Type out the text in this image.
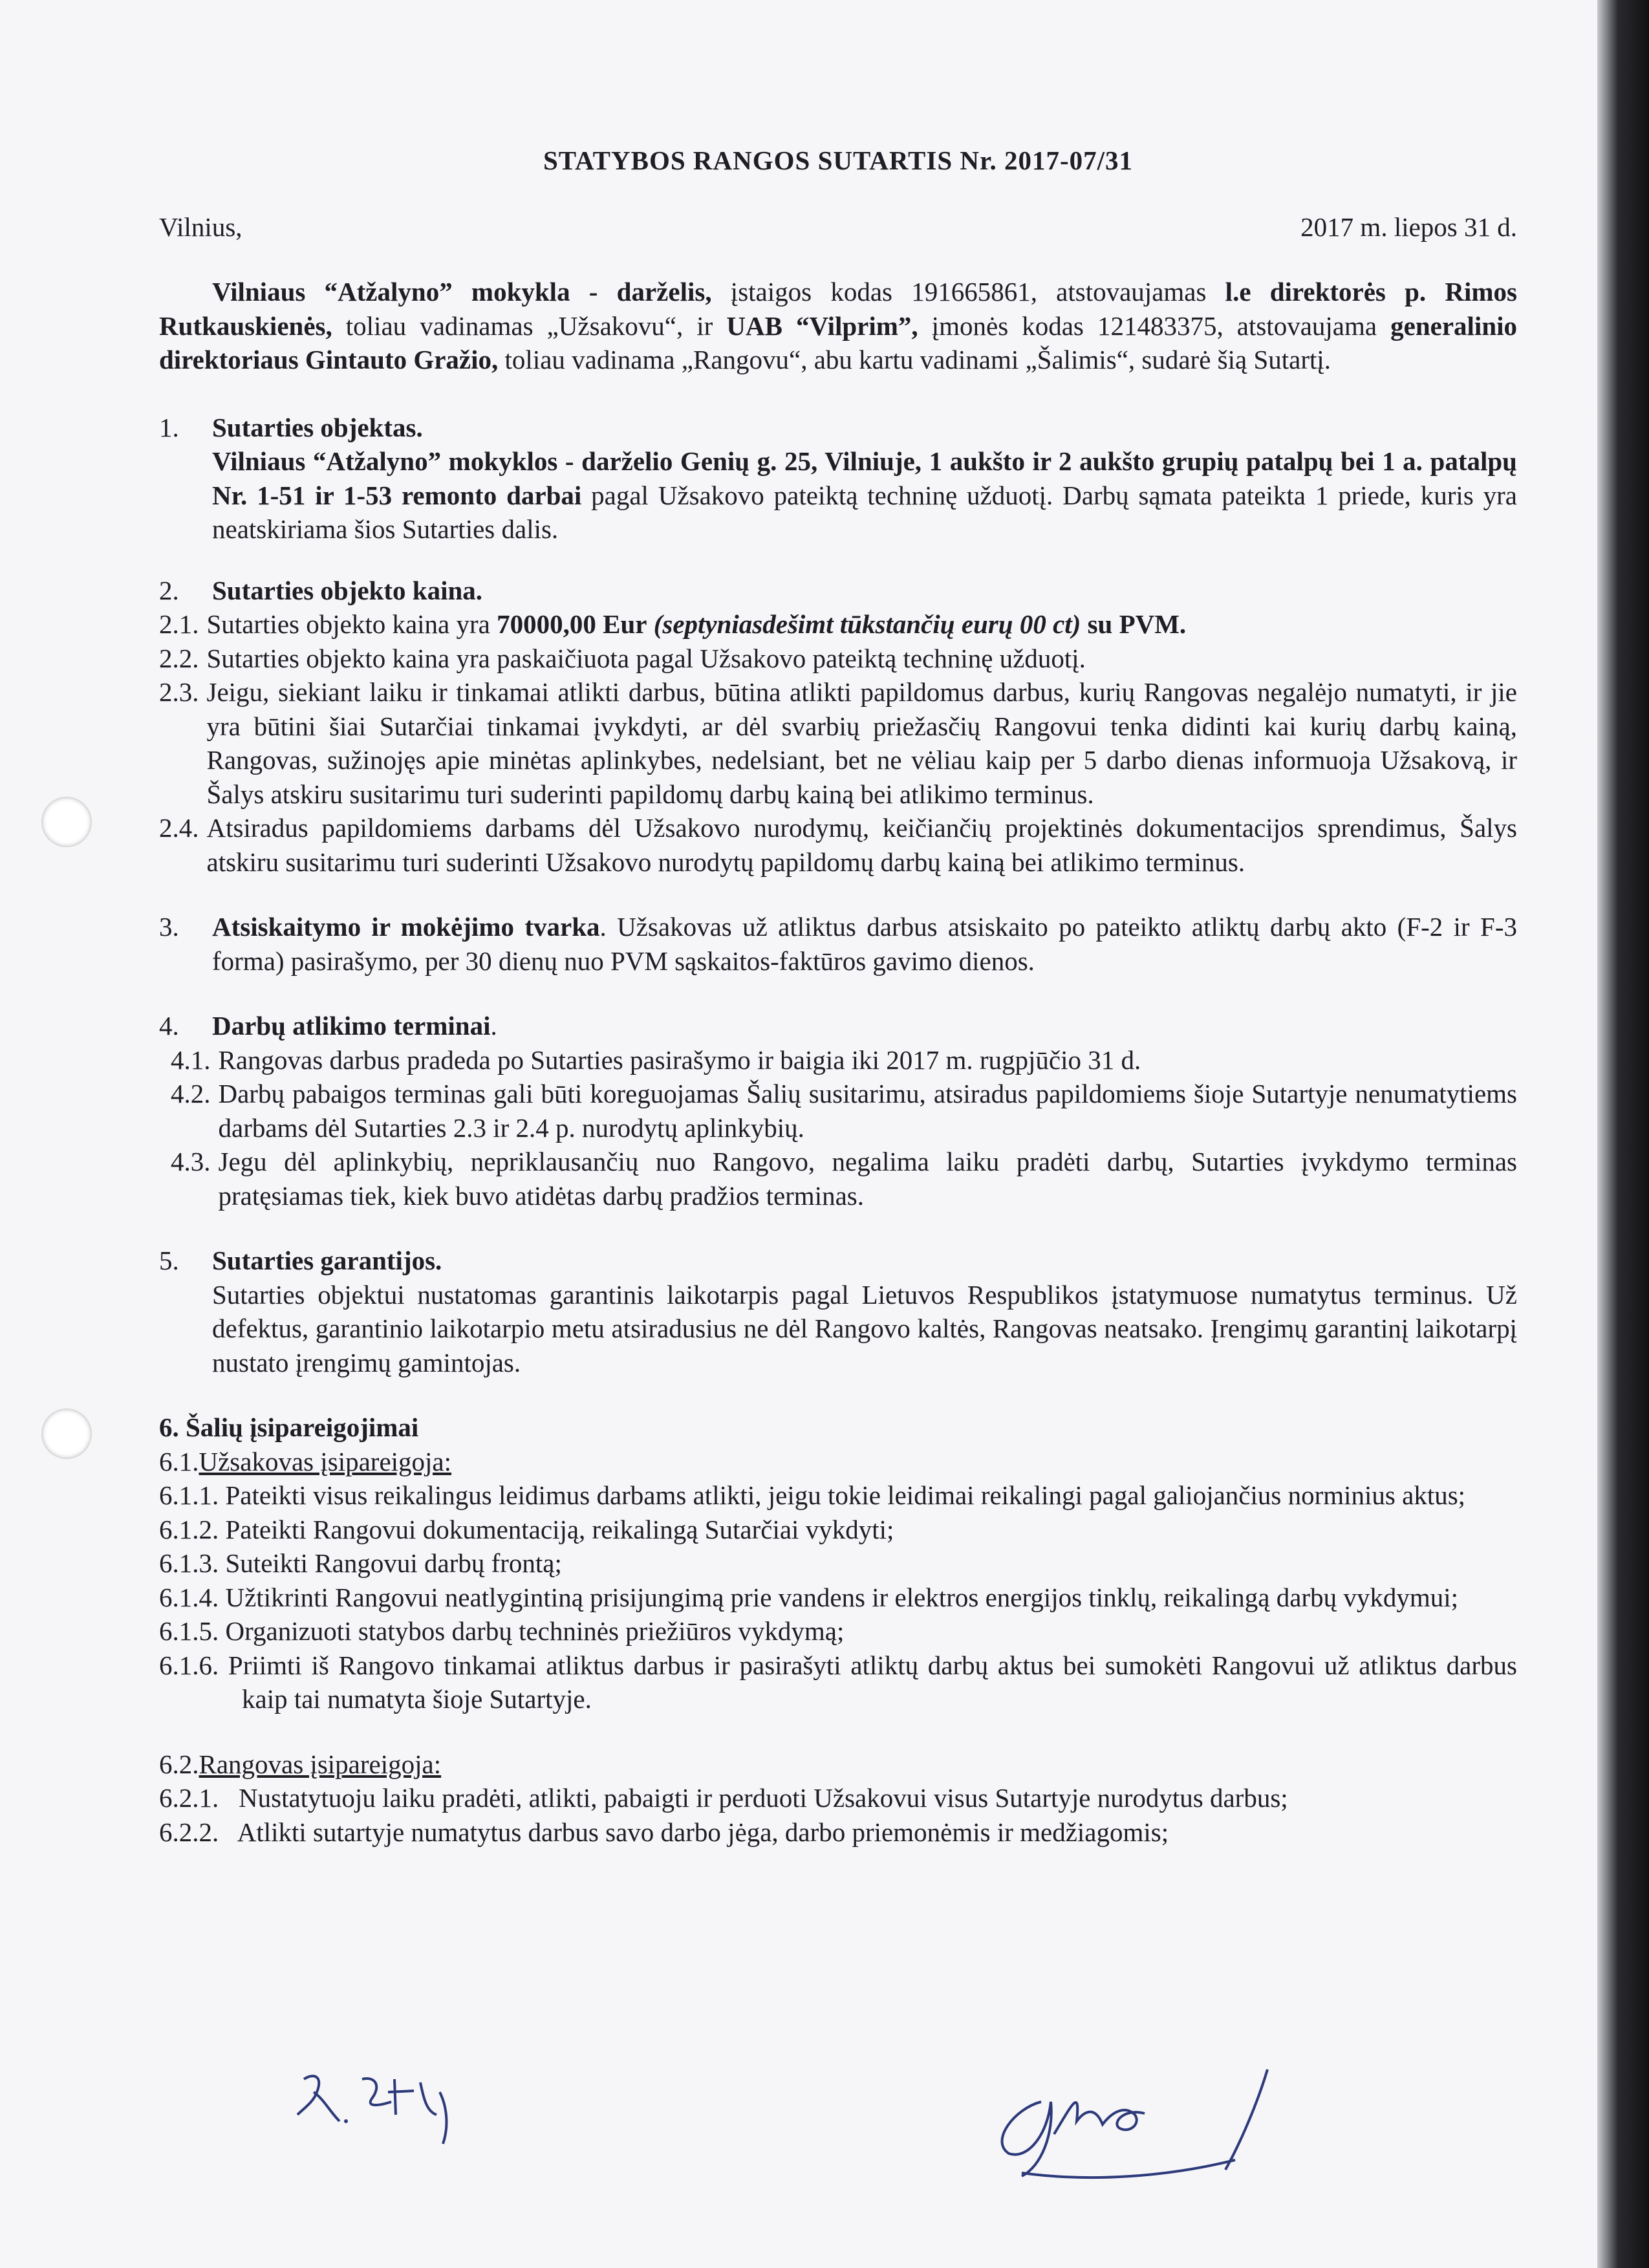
STATYBOS RANGOS SUTARTIS Nr. 2017-07/31

Vilnius,	2017 m. liepos 31 d.
Vilniaus “Atžalyno” mokykla - darželis, įstaigos kodas 191665861, atstovaujamas l.e direktorės p. Rimos Rutkauskienės, toliau vadinamas „Užsakovu“, ir UAB “Vilprim”, įmonės kodas 121483375, atstovaujama generalinio direktoriaus Gintauto Gražio, toliau vadinama „Rangovu“, abu kartu vadinami „Šalimis“, sudarė šią Sutartį.
1.	Sutarties objektas.
Vilniaus “Atžalyno” mokyklos - darželio Genių g. 25, Vilniuje, 1 aukšto ir 2 aukšto grupių patalpų bei 1 a. patalpų Nr. 1-51 ir 1-53 remonto darbai pagal Užsakovo pateiktą techninę užduotį. Darbų sąmata pateikta 1 priede, kuris yra neatskiriama šios Sutarties dalis.
2.	Sutarties objekto kaina.
2.1. Sutarties objekto kaina yra 70000,00 Eur (septyniasdešimt tūkstančių eurų 00 ct) su PVM.
2.2. Sutarties objekto kaina yra paskaičiuota pagal Užsakovo pateiktą techninę užduotį.
2.3. Jeigu, siekiant laiku ir tinkamai atlikti darbus, būtina atlikti papildomus darbus, kurių Rangovas negalėjo numatyti, ir jie yra būtini šiai Sutarčiai tinkamai įvykdyti, ar dėl svarbių priežasčių Rangovui tenka didinti kai kurių darbų kainą, Rangovas, sužinojęs apie minėtas aplinkybes, nedelsiant, bet ne vėliau kaip per 5 darbo dienas informuoja Užsakovą, ir Šalys atskiru susitarimu turi suderinti papildomų darbų kainą bei atlikimo terminus.
2.4. Atsiradus papildomiems darbams dėl Užsakovo nurodymų, keičiančių projektinės dokumentacijos sprendimus, Šalys atskiru susitarimu turi suderinti Užsakovo nurodytų papildomų darbų kainą bei atlikimo terminus.
3.	Atsiskaitymo ir mokėjimo tvarka. Užsakovas už atliktus darbus atsiskaito po pateikto atliktų darbų akto (F-2 ir F-3 forma) pasirašymo, per 30 dienų nuo PVM sąskaitos-faktūros gavimo dienos.
4.	Darbų atlikimo terminai.
4.1. Rangovas darbus pradeda po Sutarties pasirašymo ir baigia iki 2017 m. rugpjūčio 31 d.
4.2. Darbų pabaigos terminas gali būti koreguojamas Šalių susitarimu, atsiradus papildomiems šioje Sutartyje nenumatytiems darbams dėl Sutarties 2.3 ir 2.4 p. nurodytų aplinkybių.
4.3. Jegu dėl aplinkybių, nepriklausančių nuo Rangovo, negalima laiku pradėti darbų, Sutarties įvykdymo terminas pratęsiamas tiek, kiek buvo atidėtas darbų pradžios terminas.
5.	Sutarties garantijos.
Sutarties objektui nustatomas garantinis laikotarpis pagal Lietuvos Respublikos įstatymuose numatytus terminus. Už defektus, garantinio laikotarpio metu atsiradusius ne dėl Rangovo kaltės, Rangovas neatsako. Įrengimų garantinį laikotarpį nustato įrengimų gamintojas.
6. Šalių įsipareigojimai
6.1.Užsakovas įsipareigoja:
6.1.1. Pateikti visus reikalingus leidimus darbams atlikti, jeigu tokie leidimai reikalingi pagal galiojančius norminius aktus;
6.1.2. Pateikti Rangovui dokumentaciją, reikalingą Sutarčiai vykdyti;
6.1.3. Suteikti Rangovui darbų frontą;
6.1.4. Užtikrinti Rangovui neatlygintiną prisijungimą prie vandens ir elektros energijos tinklų, reikalingą darbų vykdymui;
6.1.5. Organizuoti statybos darbų techninės priežiūros vykdymą;
6.1.6. Priimti iš Rangovo tinkamai atliktus darbus ir pasirašyti atliktų darbų aktus bei sumokėti Rangovui už atliktus darbus kaip tai numatyta šioje Sutartyje.
6.2.Rangovas įsipareigoja:
6.2.1.   Nustatytuoju laiku pradėti, atlikti, pabaigti ir perduoti Užsakovui visus Sutartyje nurodytus darbus;
6.2.2.   Atlikti sutartyje numatytus darbus savo darbo jėga, darbo priemonėmis ir medžiagomis;
